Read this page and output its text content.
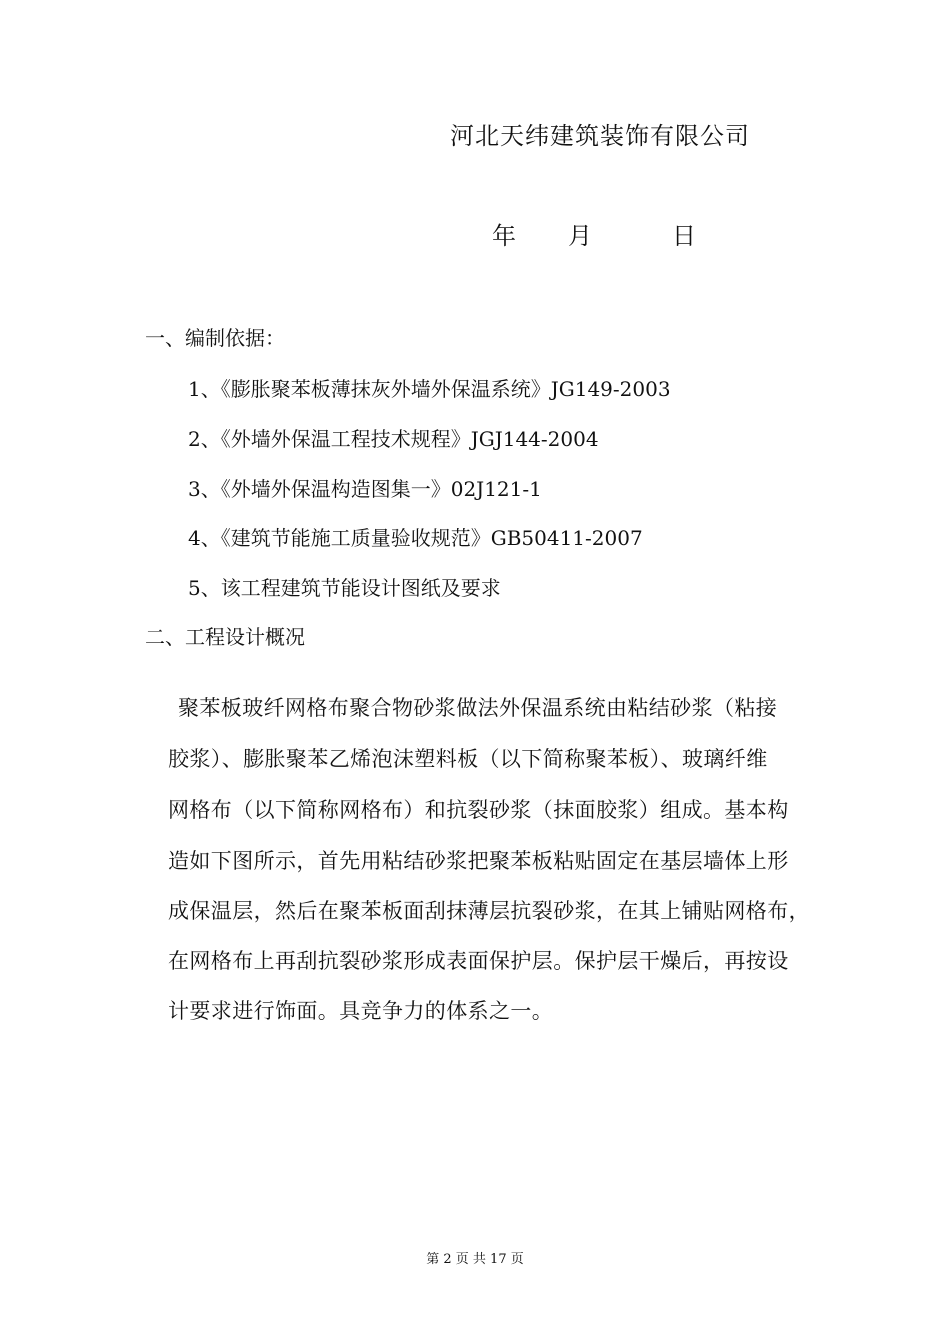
河北天纬建筑装饰有限公司
年 月	日
一、编制依据：
1、《膨胀聚苯板薄抹灰外墙外保温系统》JG149-2003
2、《外墙外保温工程技术规程》JGJ144-2004
3、《外墙外保温构造图集一》02J121-1
4、《建筑节能施工质量验收规范》GB50411-2007
5、该工程建筑节能设计图纸及要求
二、工程设计概况
聚苯板玻纤网格布聚合物砂浆做法外保温系统由粘结砂浆（粘接
胶浆）、膨胀聚苯乙烯泡沫塑料板（以下简称聚苯板）、玻璃纤维
网格布（以下简称网格布）和抗裂砂浆（抹面胶浆）组成。基本构
造如下图所示，首先用粘结砂浆把聚苯板粘贴固定在基层墙体上形
成保温层，然后在聚苯板面刮抹薄层抗裂砂浆，在其上铺贴网格布，
在网格布上再刮抗裂砂浆形成表面保护层。保护层干燥后，再按设
计要求进行饰面。具竞争力的体系之一。
第 2 页 共 17 页
